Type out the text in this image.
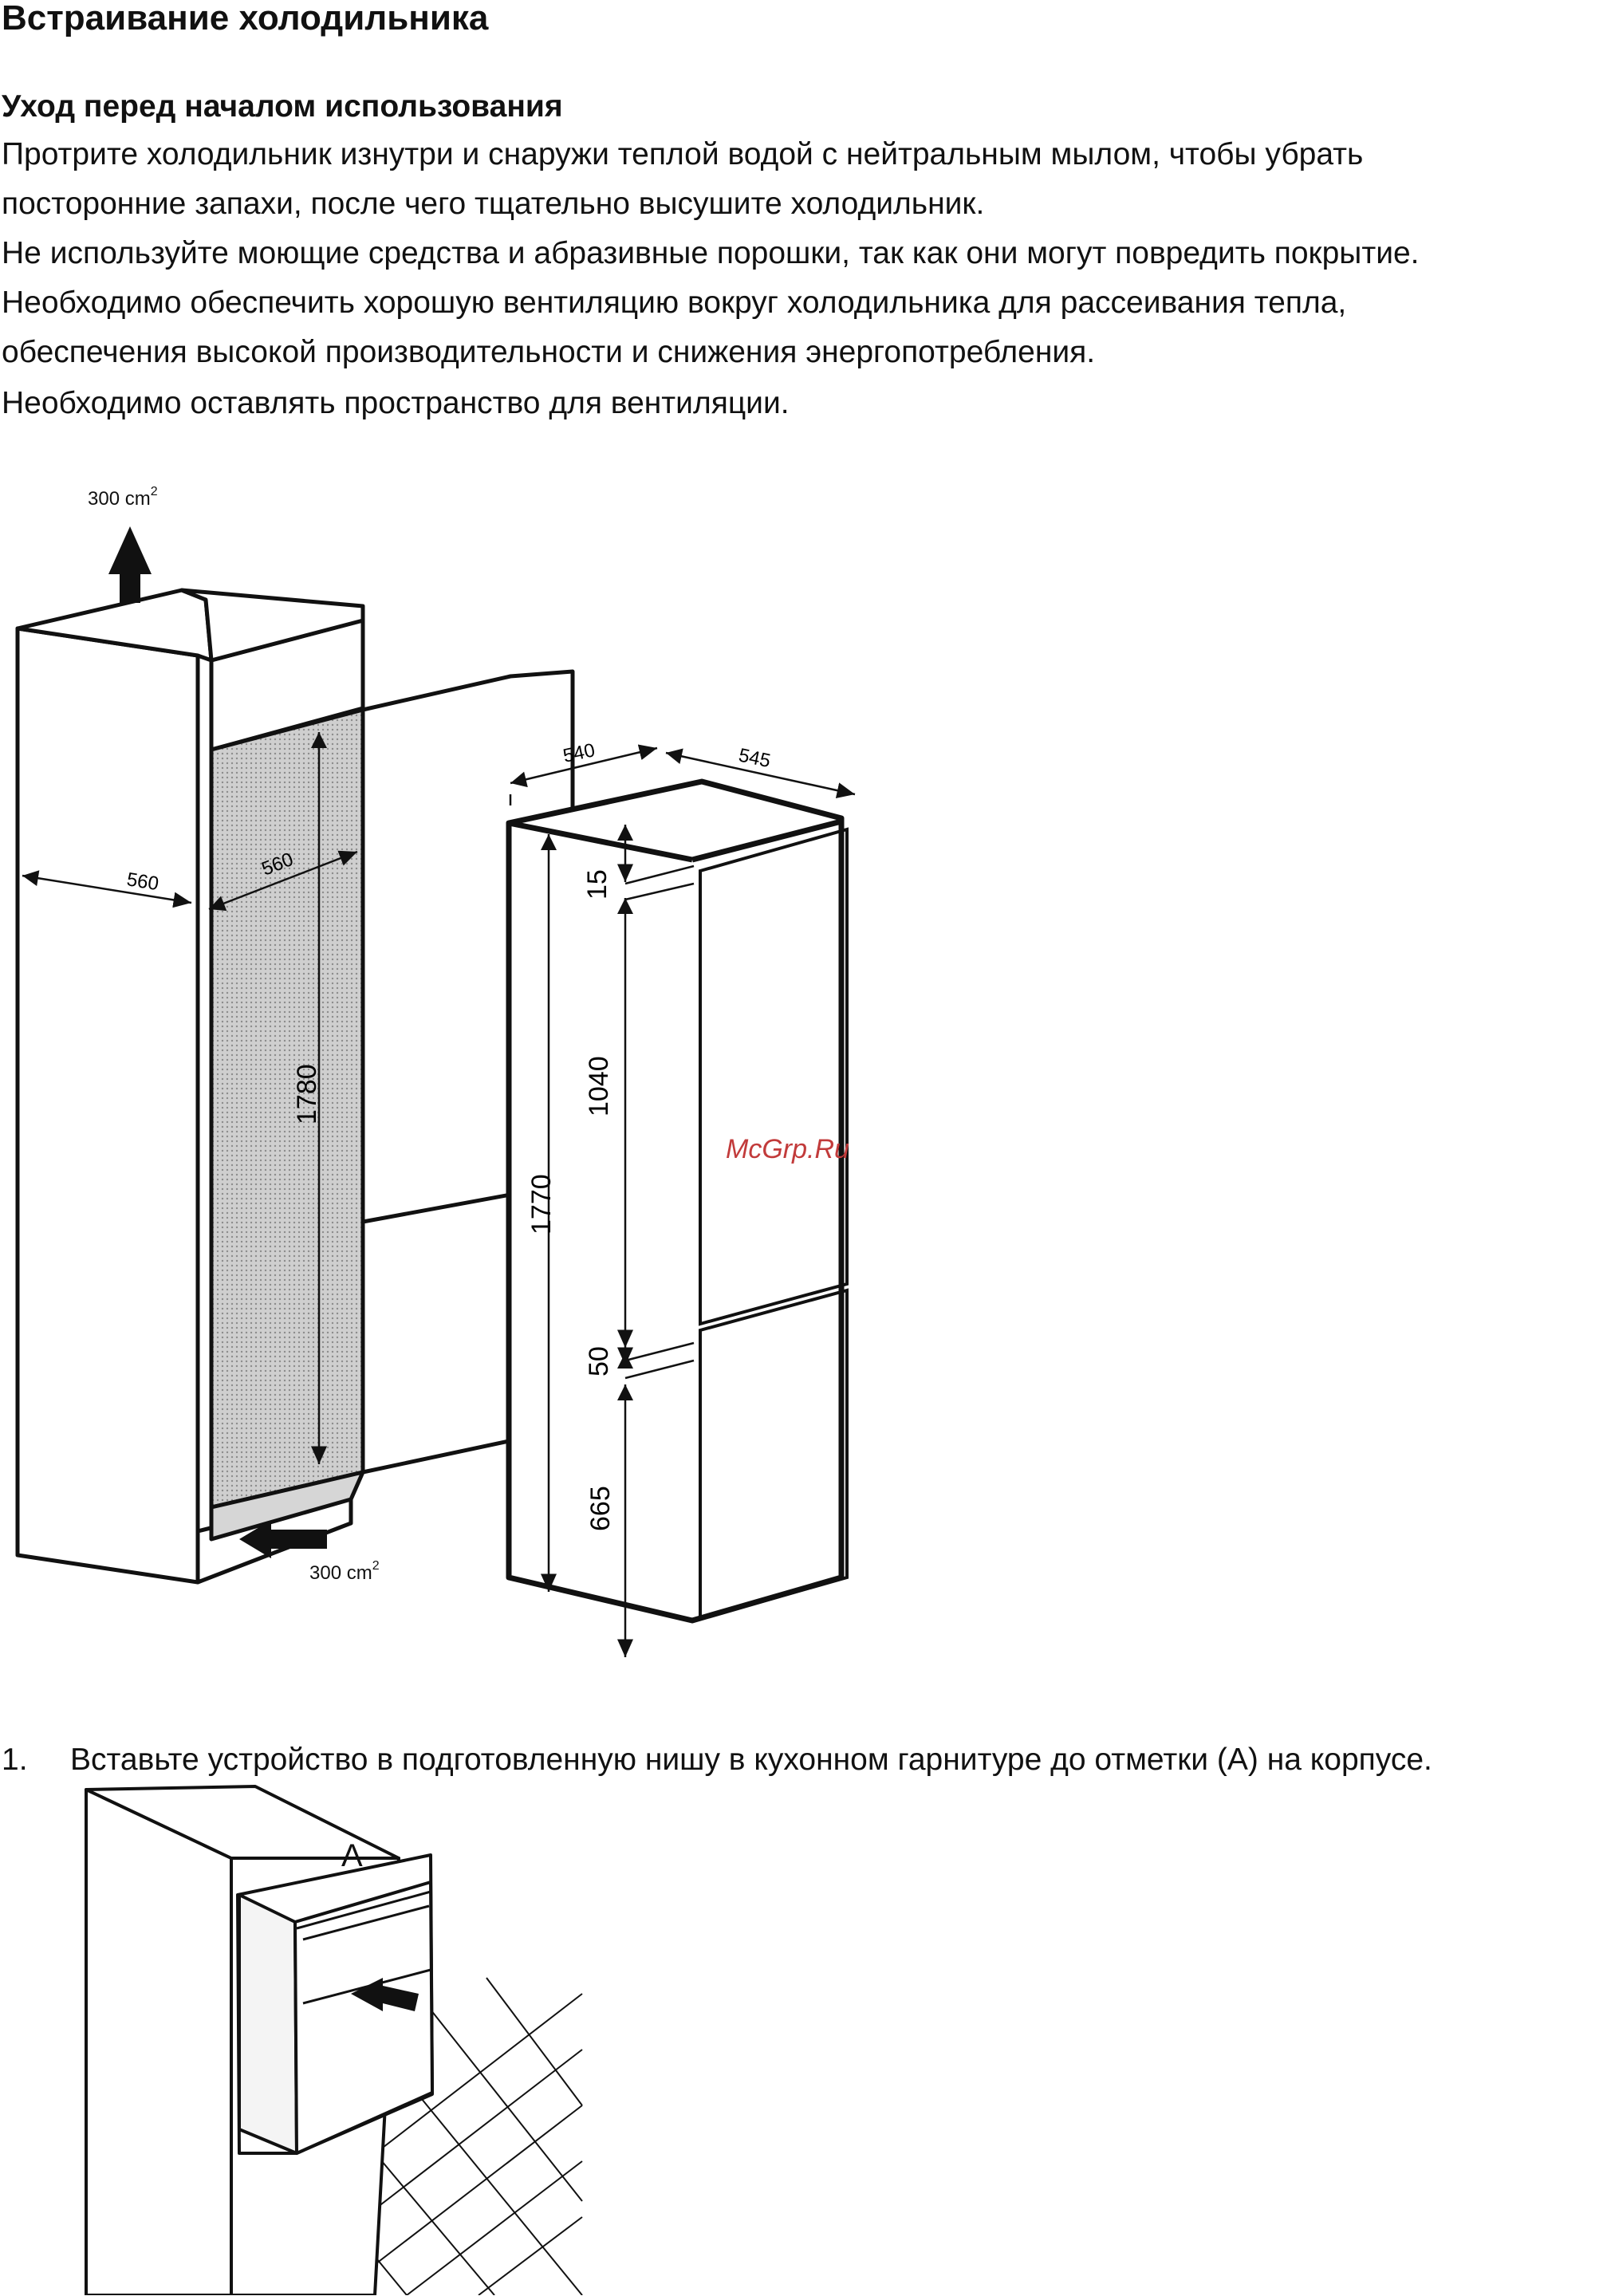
Встраивание холодильника
Уход перед началом использования
Протрите холодильник изнутри и снаружи теплой водой с нейтральным мылом, чтобы убрать
посторонние запахи, после чего тщательно высушите холодильник.
Не используйте моющие средства и абразивные порошки, так как они могут повредить покрытие.
Необходимо обеспечить хорошую вентиляцию вокруг холодильника для рассеивания тепла,
обеспечения высокой производительности и снижения энергопотребления.
Необходимо оставлять пространство для вентиляции.
300 $cm^2$
300 $cm^2$
560
560
1780
540	545
15
1040
1770
50
665
McGrp.Ru
1. Вставьте устройство в подготовленную нишу в кухонном гарнитуре до отметки (А) на корпусе.
A
